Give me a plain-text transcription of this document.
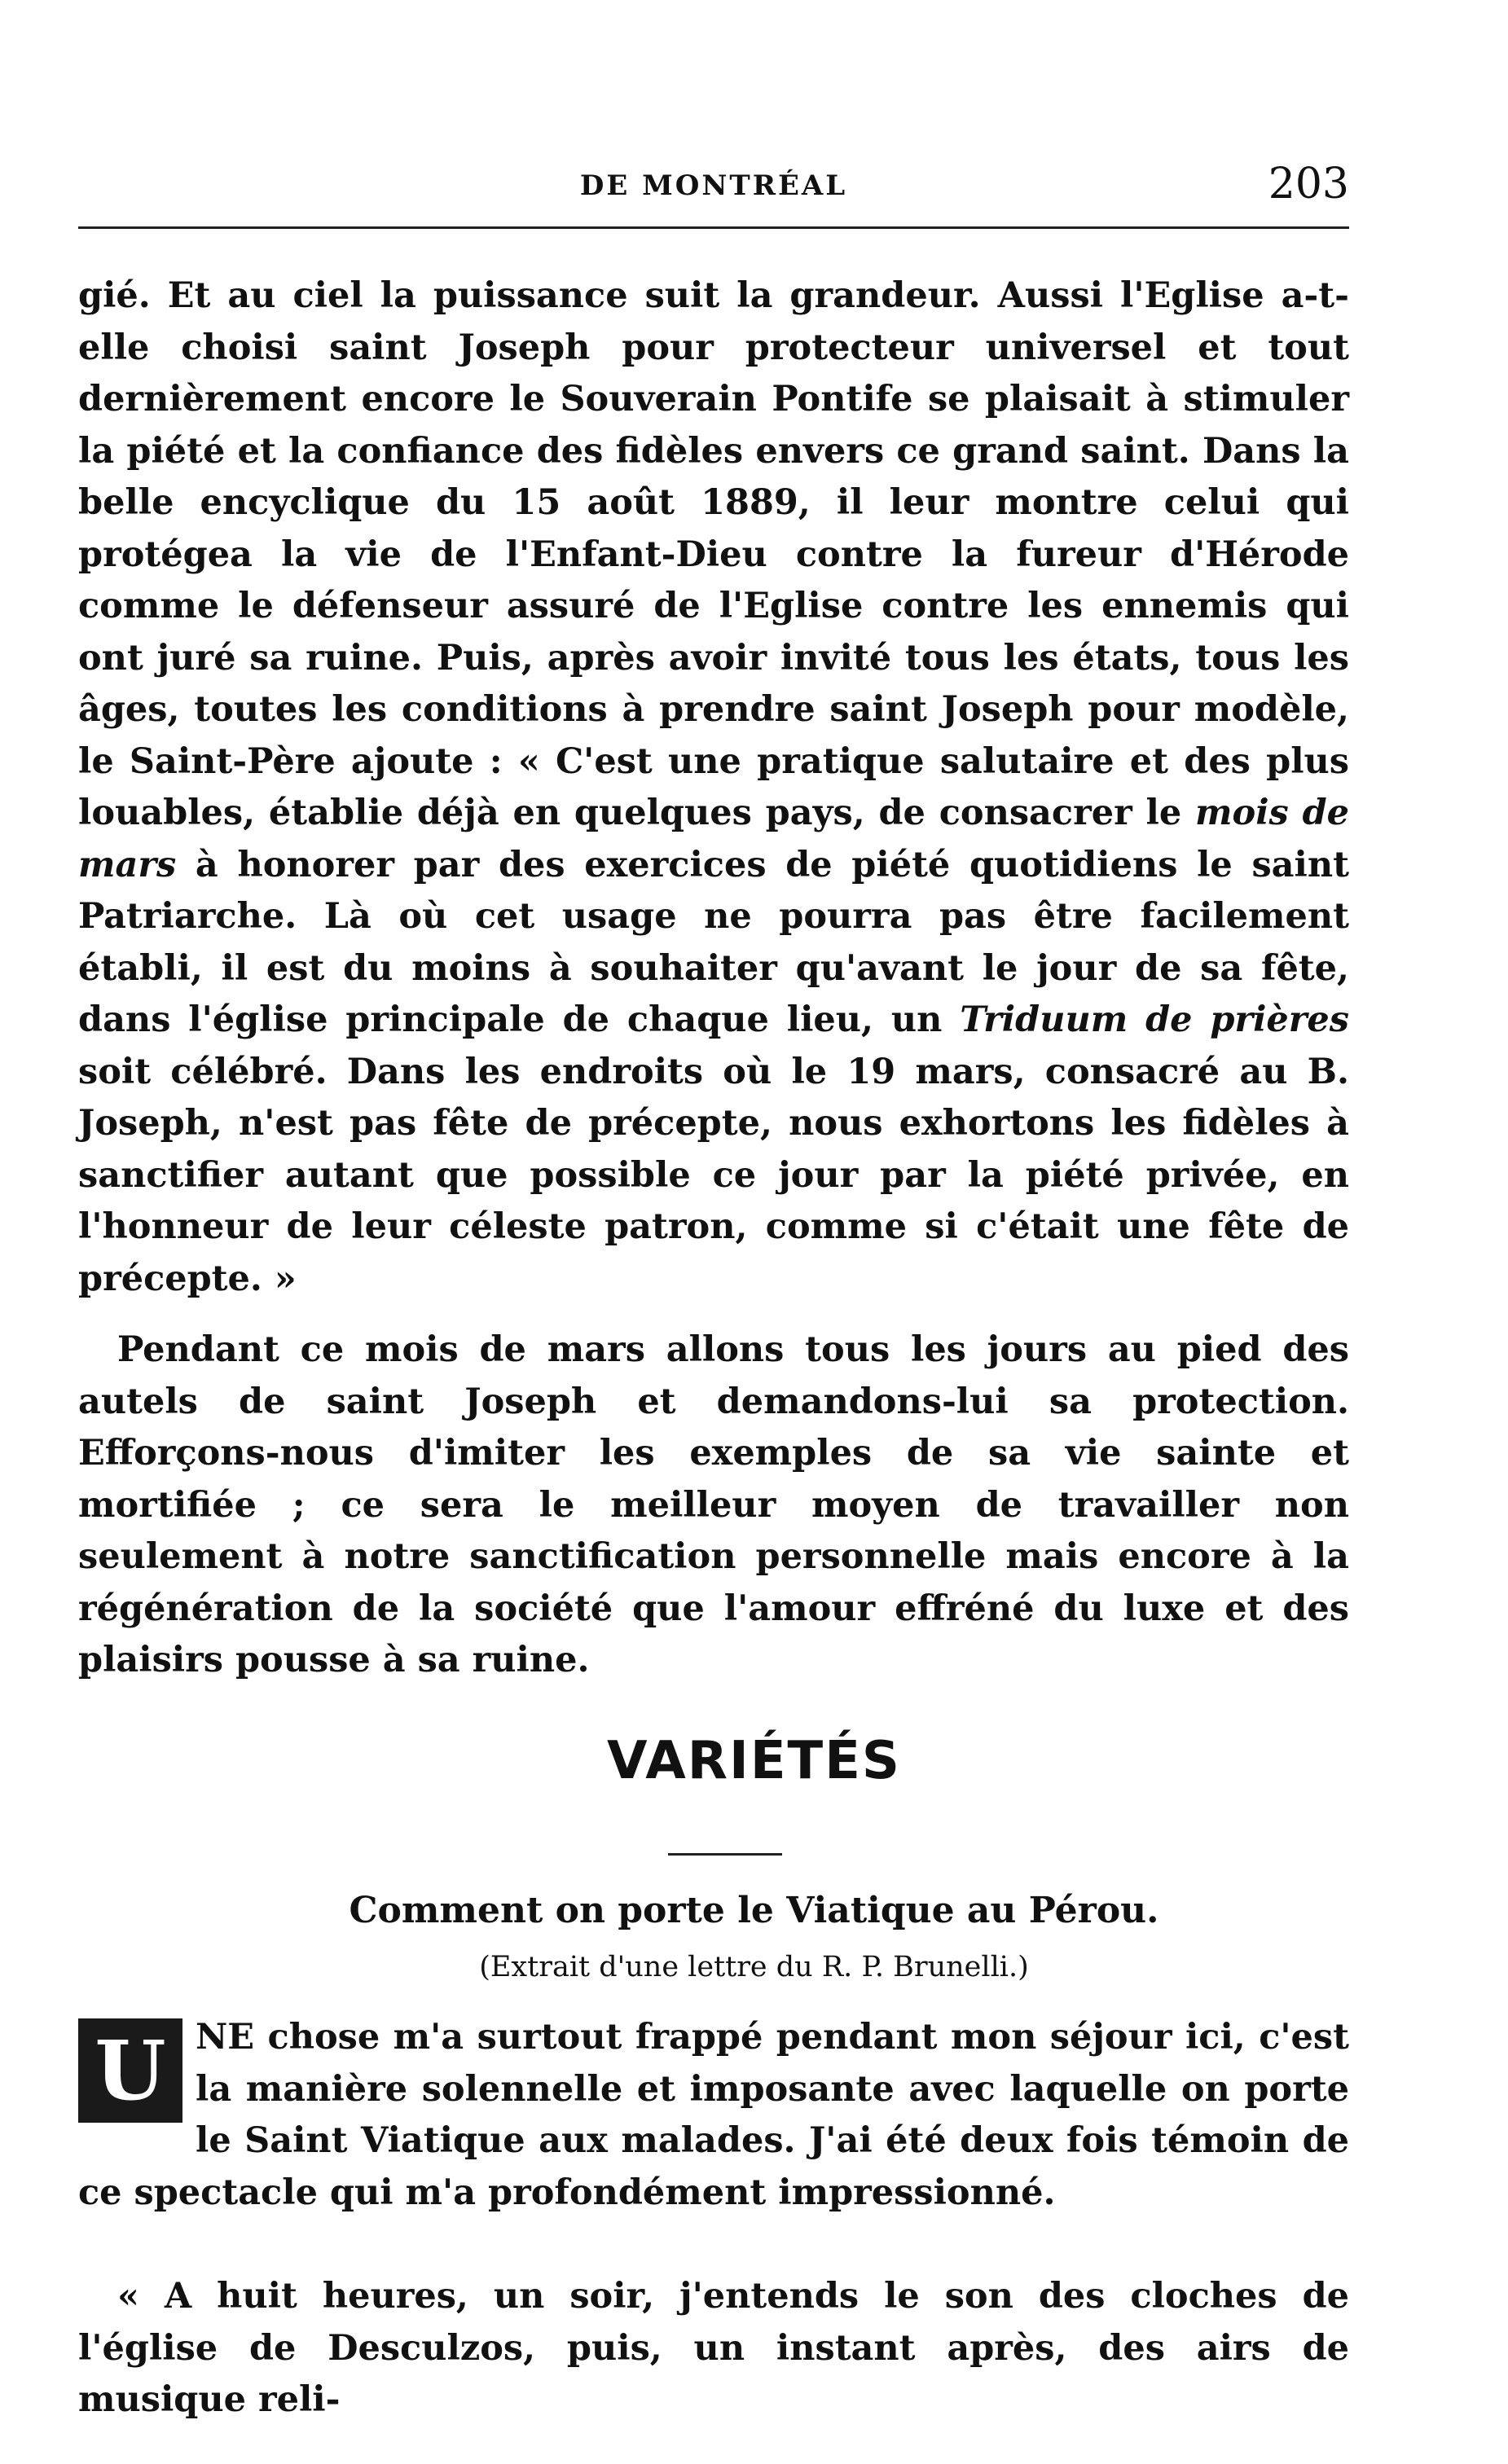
DE MONTRÉAL	203

gié. Et au ciel la puissance suit la grandeur. Aussi l'Eglise a-t-elle choisi saint Joseph pour protecteur universel et tout dernièrement encore le Souverain Pontife se plaisait à stimuler la piété et la confiance des fidèles envers ce grand saint. Dans la belle encyclique du 15 août 1889, il leur montre celui qui protégea la vie de l'Enfant-Dieu contre la fureur d'Hérode comme le défenseur assuré de l'Eglise contre les ennemis qui ont juré sa ruine. Puis, après avoir invité tous les états, tous les âges, toutes les conditions à prendre saint Joseph pour modèle, le Saint-Père ajoute : « C'est une pratique salutaire et des plus louables, établie déjà en quelques pays, de consacrer le mois de mars à honorer par des exercices de piété quotidiens le saint Patriarche. Là où cet usage ne pourra pas être facilement établi, il est du moins à souhaiter qu'avant le jour de sa fête, dans l'église principale de chaque lieu, un Triduum de prières soit célébré. Dans les endroits où le 19 mars, consacré au B. Joseph, n'est pas fête de précepte, nous exhortons les fidèles à sanctifier autant que possible ce jour par la piété privée, en l'honneur de leur céleste patron, comme si c'était une fête de précepte. »

Pendant ce mois de mars allons tous les jours au pied des autels de saint Joseph et demandons-lui sa protection. Efforçons-nous d'imiter les exemples de sa vie sainte et mortifiée ; ce sera le meilleur moyen de travailler non seulement à notre sanctification personnelle mais encore à la régénération de la société que l'amour effréné du luxe et des plaisirs pousse à sa ruine.

VARIÉTÉS
Comment on porte le Viatique au Pérou.
(Extrait d'une lettre du R. P. Brunelli.)

U NE chose m'a surtout frappé pendant mon séjour ici, c'est la manière solennelle et imposante avec laquelle on porte le Saint Viatique aux malades. J'ai été deux fois témoin de ce spectacle qui m'a profondément impressionné.

« A huit heures, un soir, j'entends le son des cloches de l'église de Desculzos, puis, un instant après, des airs de musique reli-
